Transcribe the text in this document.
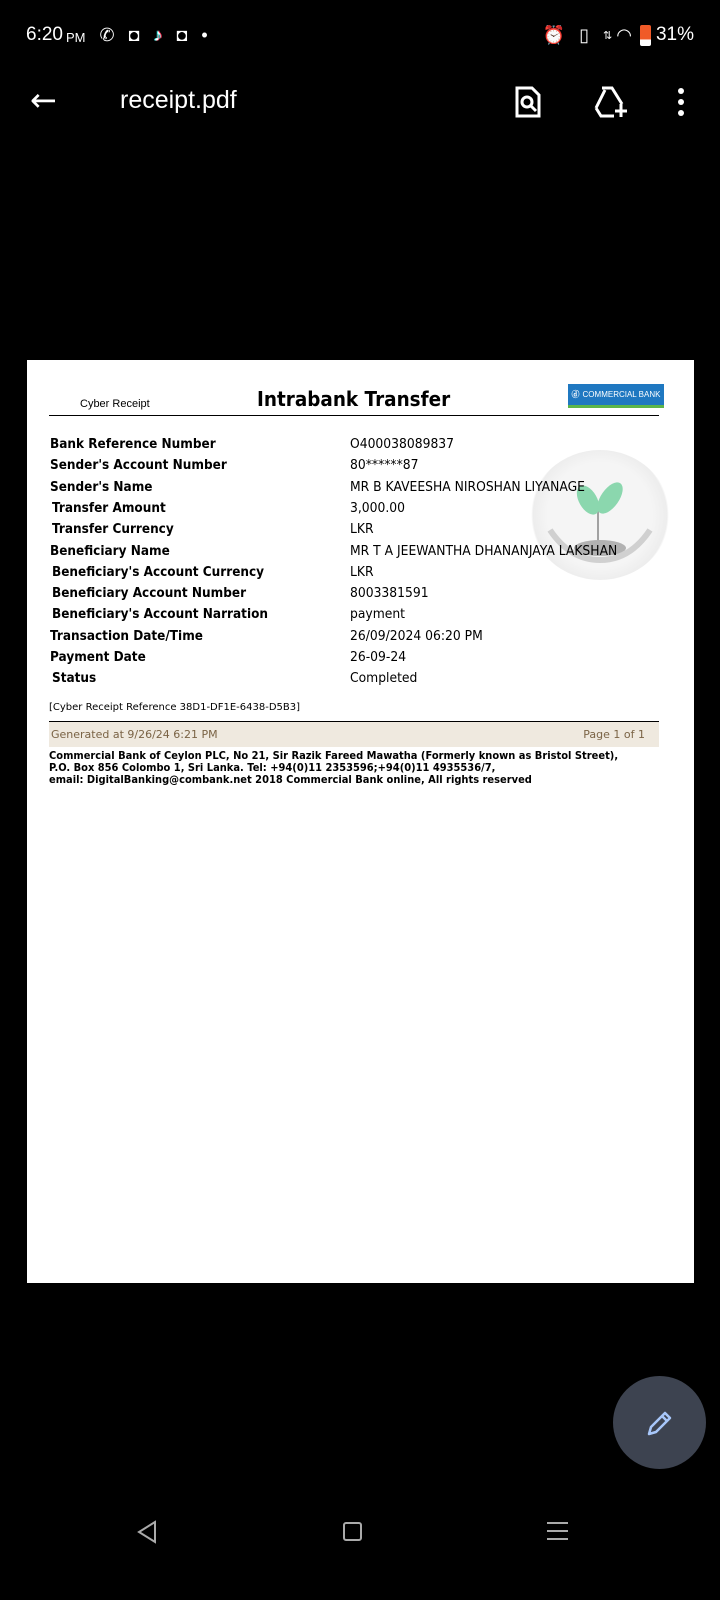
6:20 PM ✆ ◘ ♪ ◘ •	⏰ ▯ ⇅ ◠ 31%
←	receipt.pdf
Cyber Receipt	Intrabank Transfer	ⓓ COMMERCIAL BANK
Bank Reference Number	O400038089837
Sender's Account Number	80******87
Sender's Name	MR B KAVEESHA NIROSHAN LIYANAGE
Transfer Amount	3,000.00
Transfer Currency	LKR
Beneficiary Name	MR T A JEEWANTHA DHANANJAYA LAKSHAN
Beneficiary's Account Currency	LKR
Beneficiary Account Number	8003381591
Beneficiary's Account Narration	payment
Transaction Date/Time	26/09/2024 06:20 PM
Payment Date	26-09-24
Status	Completed
[Cyber Receipt Reference 38D1-DF1E-6438-D5B3]
Generated at 9/26/24 6:21 PM	Page 1 of 1
Commercial Bank of Ceylon PLC, No 21, Sir Razik Fareed Mawatha (Formerly known as Bristol Street),
P.O. Box 856 Colombo 1, Sri Lanka. Tel: +94(0)11 2353596;+94(0)11 4935536/7,
email: DigitalBanking@combank.net 2018 Commercial Bank online, All rights reserved
